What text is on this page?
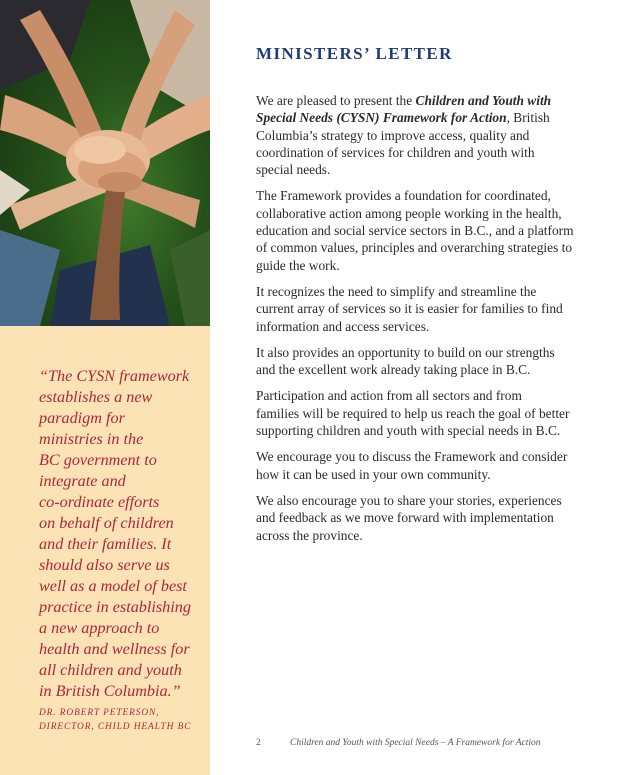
“The CYSN framework
establishes a new
paradigm for
ministries in the
BC government to
integrate and
co-ordinate efforts
on behalf of children
and their families. It
should also serve us
well as a model of best
practice in establishing
a new approach to
health and wellness for
all children and youth
in British Columbia.”

DR. ROBERT PETERSON,
DIRECTOR, CHILD HEALTH BC
MINISTERS’ LETTER

We are pleased to present the Children and Youth with
Special Needs (CYSN) Framework for Action, British
Columbia’s strategy to improve access, quality and
coordination of services for children and youth with
special needs.

The Framework provides a foundation for coordinated,
collaborative action among people working in the health,
education and social service sectors in B.C., and a platform
of common values, principles and overarching strategies to
guide the work.

It recognizes the need to simplify and streamline the
current array of services so it is easier for families to find
information and access services.

It also provides an opportunity to build on our strengths
and the excellent work already taking place in B.C.

Participation and action from all sectors and from
families will be required to help us reach the goal of better
supporting children and youth with special needs in B.C.

We encourage you to discuss the Framework and consider
how it can be used in your own community.

We also encourage you to share your stories, experiences
and feedback as we move forward with implementation
across the province.

2	Children and Youth with Special Needs – A Framework for Action
